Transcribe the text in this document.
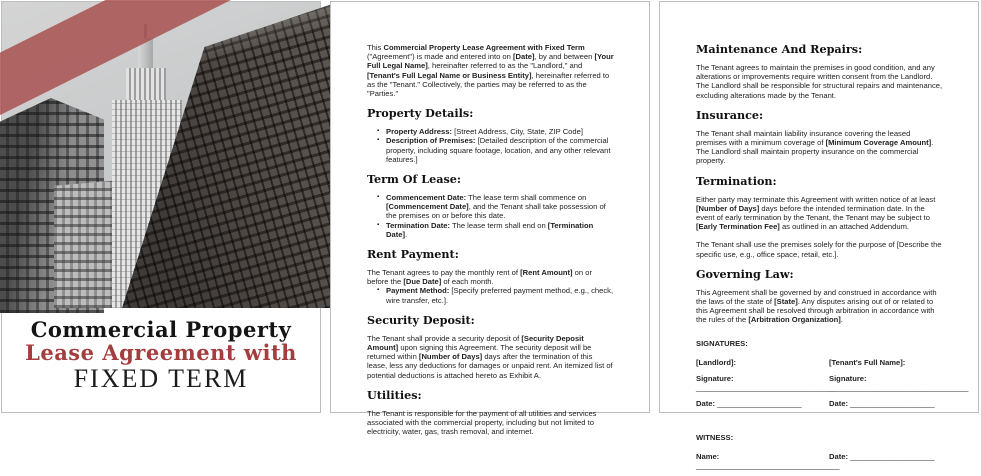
Commercial Property
Lease Agreement with
FIXED TERM
This Commercial Property Lease Agreement with Fixed Term ("Agreement") is made and entered into on [Date], by and between [Your Full Legal Name], hereinafter referred to as the "Landlord," and [Tenant's Full Legal Name or Business Entity], hereinafter referred to as the "Tenant." Collectively, the parties may be referred to as the "Parties."
Property Details:
▪ Property Address: [Street Address, City, State, ZIP Code]
▪ Description of Premises: [Detailed description of the commercial property, including square footage, location, and any other relevant features.]
Term Of Lease:
▪ Commencement Date: The lease term shall commence on [Commencement Date], and the Tenant shall take possession of the premises on or before this date.
▪ Termination Date: The lease term shall end on [Termination Date].
Rent Payment:
The Tenant agrees to pay the monthly rent of [Rent Amount] on or before the [Due Date] of each month.
▪ Payment Method: [Specify preferred payment method, e.g., check, wire transfer, etc.].
Security Deposit:
The Tenant shall provide a security deposit of [Security Deposit Amount] upon signing this Agreement. The security deposit will be returned within [Number of Days] days after the termination of this lease, less any deductions for damages or unpaid rent. An itemized list of potential deductions is attached hereto as Exhibit A.
Utilities:
The Tenant is responsible for the payment of all utilities and services associated with the commercial property, including but not limited to electricity, water, gas, trash removal, and internet.
Maintenance And Repairs:
The Tenant agrees to maintain the premises in good condition, and any alterations or improvements require written consent from the Landlord. The Landlord shall be responsible for structural repairs and maintenance, excluding alterations made by the Tenant.
Insurance:
The Tenant shall maintain liability insurance covering the leased premises with a minimum coverage of [Minimum Coverage Amount]. The Landlord shall maintain property insurance on the commercial property.
Termination:
Either party may terminate this Agreement with written notice of at least [Number of Days] days before the intended termination date. In the event of early termination by the Tenant, the Tenant may be subject to [Early Termination Fee] as outlined in an attached Addendum.
The Tenant shall use the premises solely for the purpose of [Describe the specific use, e.g., office space, retail, etc.].
Governing Law:
This Agreement shall be governed by and construed in accordance with the laws of the state of [State]. Any disputes arising out of or related to this Agreement shall be resolved through arbitration in accordance with the rules of the [Arbitration Organization].
SIGNATURES:
[Landlord]:
Signature: _________________________________
Date: ____________________
[Tenant's Full Name]:
Signature: _________________________________
Date: ____________________
WITNESS:
Name: __________________________________
Date: ____________________
